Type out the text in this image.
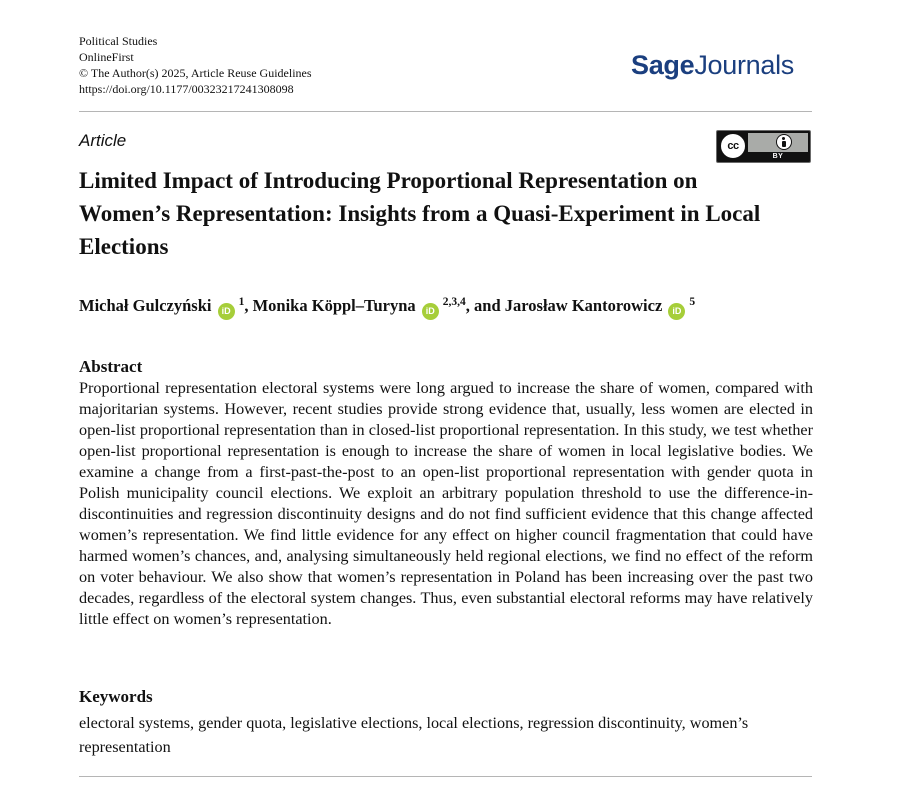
Political Studies
OnlineFirst
© The Author(s) 2025, Article Reuse Guidelines
https://doi.org/10.1177/00323217241308098
SageJournals
Article	cc
BY
Limited Impact of Introducing Proportional Representation on Women’s Representation: Insights from a Quasi-Experiment in Local Elections
Michał Gulczyński $iD^1$, Monika Köppl–Turyna iD$^{2,3,4}$, and Jarosław Kantorowicz $iD^5$
Abstract

Proportional representation electoral systems were long argued to increase the share of women, compared with majoritarian systems. However, recent studies provide strong evidence that, usually, less women are elected in open-list proportional representation than in closed-list proportional representation. In this study, we test whether open-list proportional representation is enough to increase the share of women in local legislative bodies. We examine a change from a first-past-the-post to an open-list proportional representation with gender quota in Polish municipality council elections. We exploit an arbitrary population threshold to use the difference-in-discontinuities and regression discontinuity designs and do not find sufficient evidence that this change affected women’s representation. We find little evidence for any effect on higher council fragmentation that could have harmed women’s chances, and, analysing simultaneously held regional elections, we find no effect of the reform on voter behaviour. We also show that women’s representation in Poland has been increasing over the past two decades, regardless of the electoral system changes. Thus, even substantial electoral reforms may have relatively little effect on women’s representation.

Keywords

electoral systems, gender quota, legislative elections, local elections, regression discontinuity, women’s representation
